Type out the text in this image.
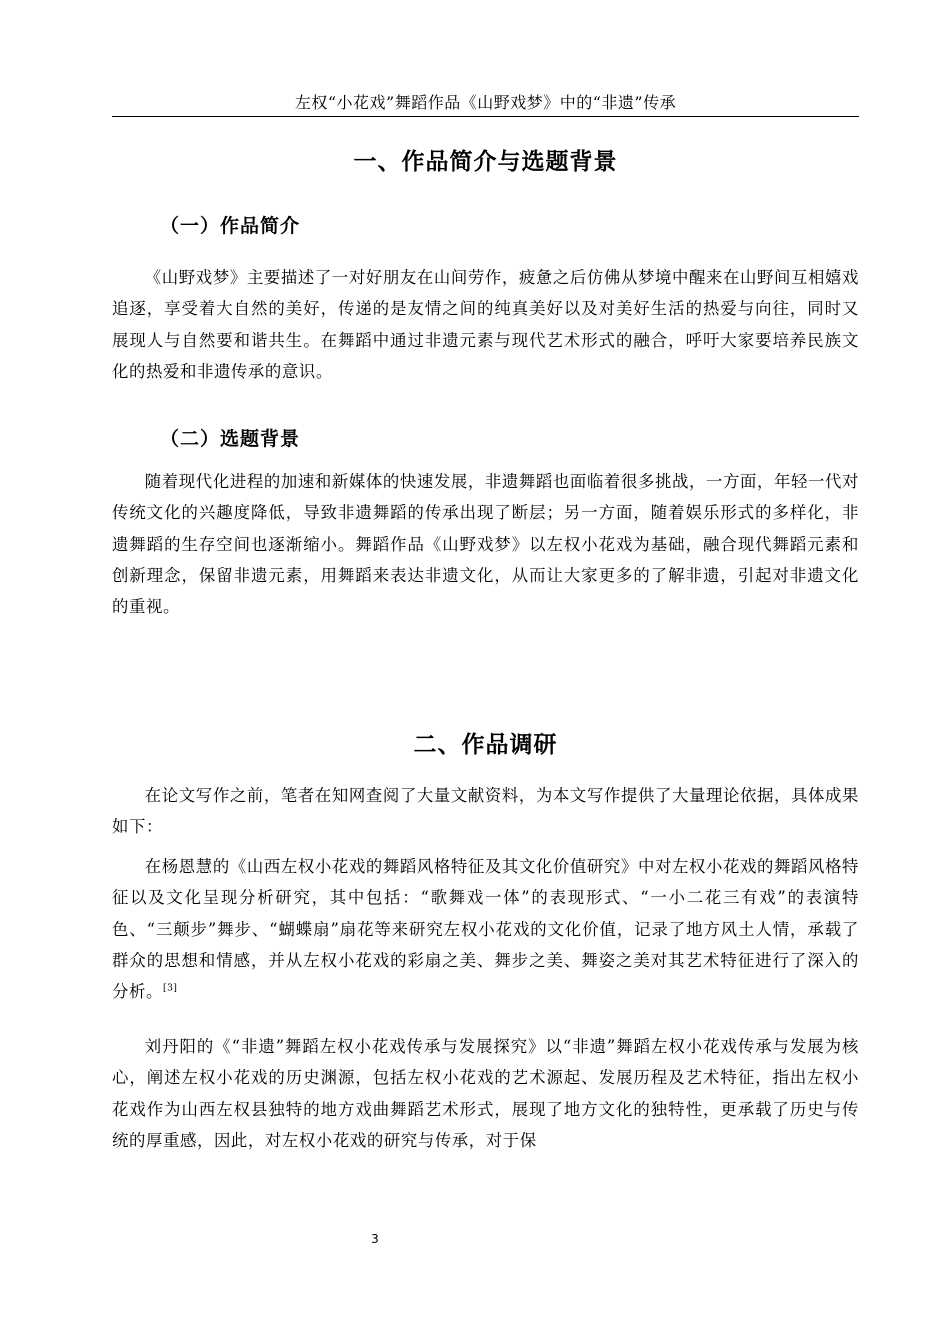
左权“小花戏”舞蹈作品《山野戏梦》中的“非遗”传承
一、作品简介与选题背景
（一）作品简介

《山野戏梦》主要描述了一对好朋友在山间劳作，疲惫之后仿佛从梦境中醒来在山野间互相嬉戏追逐，享受着大自然的美好，传递的是友情之间的纯真美好以及对美好生活的热爱与向往，同时又展现人与自然要和谐共生。在舞蹈中通过非遗元素与现代艺术形式的融合，呼吁大家要培养民族文化的热爱和非遗传承的意识。

（二）选题背景

随着现代化进程的加速和新媒体的快速发展，非遗舞蹈也面临着很多挑战，一方面，年轻一代对传统文化的兴趣度降低，导致非遗舞蹈的传承出现了断层；另一方面，随着娱乐形式的多样化，非遗舞蹈的生存空间也逐渐缩小。舞蹈作品《山野戏梦》以左权小花戏为基础，融合现代舞蹈元素和创新理念，保留非遗元素，用舞蹈来表达非遗文化，从而让大家更多的了解非遗，引起对非遗文化的重视。

二、作品调研

在论文写作之前，笔者在知网查阅了大量文献资料，为本文写作提供了大量理论依据，具体成果如下：

在杨恩慧的《山西左权小花戏的舞蹈风格特征及其文化价值研究》中对左权小花戏的舞蹈风格特征以及文化呈现分析研究，其中包括：“歌舞戏一体”的表现形式、“一小二花三有戏”的表演特色、“三颠步”舞步、“蝴蝶扇”扇花等来研究左权小花戏的文化价值，记录了地方风土人情，承载了群众的思想和情感，并从左权小花戏的彩扇之美、舞步之美、舞姿之美对其艺术特征进行了深入的分析。[3]

刘丹阳的《“非遗”舞蹈左权小花戏传承与发展探究》以“非遗”舞蹈左权小花戏传承与发展为核心，阐述左权小花戏的历史渊源，包括左权小花戏的艺术源起、发展历程及艺术特征，指出左权小花戏作为山西左权县独特的地方戏曲舞蹈艺术形式，展现了地方文化的独特性，更承载了历史与传统的厚重感，因此，对左权小花戏的研究与传承，对于保

3
